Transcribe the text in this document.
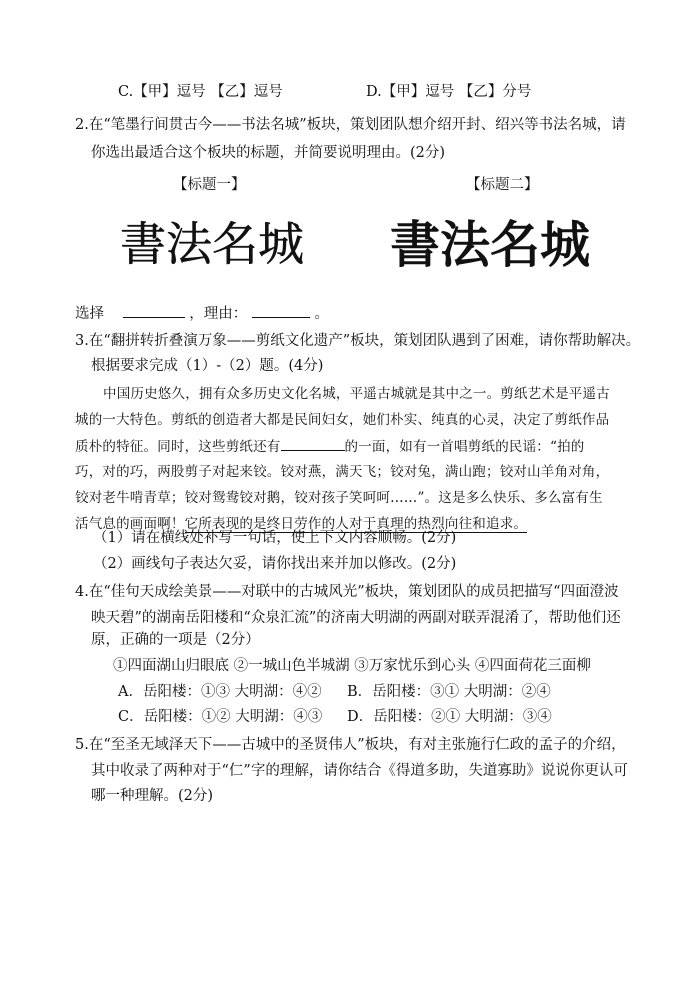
C.【甲】逗号 【乙】逗号	D.【甲】逗号 【乙】分号
2.在“笔墨行间贯古今——书法名城”板块，策划团队想介绍开封、绍兴等书法名城，请
你选出最适合这个板块的标题，并简要说明理由。(2分)
【标题一】	【标题二】
書法名城 書法名城
选择	，理由：	。
3.在“翻拼转折叠演万象——剪纸文化遗产”板块，策划团队遇到了困难，请你帮助解决。
根据要求完成（1）-（2）题。(4分)
中国历史悠久，拥有众多历史文化名城，平遥古城就是其中之一。剪纸艺术是平遥古
城的一大特色。剪纸的创造者大都是民间妇女，她们朴实、纯真的心灵，决定了剪纸作品
质朴的特征。同时，这些剪纸还有	的一面，如有一首唱剪纸的民谣：“拍的
巧，对的巧，两股剪子对起来铰。铰对燕，满天飞；铰对兔，满山跑；铰对山羊角对角，
铰对老牛啃青草；铰对鸳鸯铰对鹅，铰对孩子笑呵呵……”。这是多么快乐、多么富有生
活气息的画面啊！它所表现的是终日劳作的人对于真理的热烈向往和追求。
（1）请在横线处补写一句话，使上下文内容顺畅。(2分)
（2）画线句子表达欠妥，请你找出来并加以修改。(2分)
4.在“佳句天成绘美景——对联中的古城风光”板块，策划团队的成员把描写“四面澄波
映天碧”的湖南岳阳楼和“众泉汇流”的济南大明湖的两副对联弄混淆了，帮助他们还
原，正确的一项是（2分）
①四面湖山归眼底 ②一城山色半城湖 ③万家忧乐到心头 ④四面荷花三面柳
A．岳阳楼：①③ 大明湖：④② B．岳阳楼：③① 大明湖：②④
C．岳阳楼：①② 大明湖：④③ D．岳阳楼：②① 大明湖：③④
5.在“至圣无域泽天下——古城中的圣贤伟人”板块，有对主张施行仁政的孟子的介绍，
其中收录了两种对于“仁”字的理解，请你结合《得道多助，失道寡助》说说你更认可
哪一种理解。(2分)
